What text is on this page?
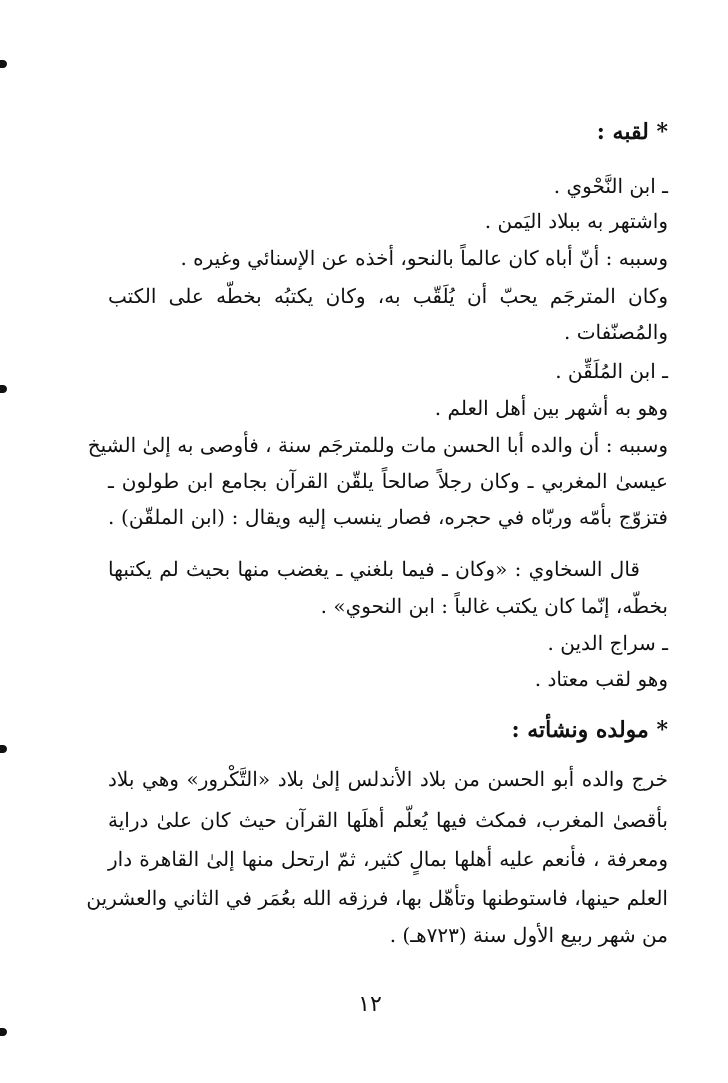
* لقبه :
ـ ابن النَّحْوي .
واشتهر به ببلاد اليَمن .
وسببه : أنّ أباه كان عالماً بالنحو، أخذه عن الإسنائي وغيره .
وكان المترجَم يحبّ أن يُلَقّب به، وكان يكتبُه بخطّه على الكتب
والمُصنّفات .
ـ ابن المُلَقِّن .
وهو به أشهر بين أهل العلم .
وسببه : أن والده أبا الحسن مات وللمترجَم سنة ، فأوصى به إلىٰ الشيخ
عيسىٰ المغربي ـ وكان رجلاً صالحاً يلقّن القرآن بجامع ابن طولون ـ
فتزوّج بأمّه وربّاه في حجره، فصار ينسب إليه ويقال : (ابن الملقّن) .
قال السخاوي : «وكان ـ فيما بلغني ـ يغضب منها بحيث لم يكتبها
بخطّه، إنّما كان يكتب غالباً : ابن النحوي» .
ـ سراج الدين .
وهو لقب معتاد .
* مولده ونشأته :
خرج والده أبو الحسن من بلاد الأندلس إلىٰ بلاد «التَّكْرور» وهي بلاد
بأقصىٰ المغرب، فمكث فيها يُعلّم أهلَها القرآن حيث كان علىٰ دراية
ومعرفة ، فأنعم عليه أهلها بمالٍ كثير، ثمّ ارتحل منها إلىٰ القاهرة دار
العلم حينها، فاستوطنها وتأهّل بها، فرزقه الله بعُمَر في الثاني والعشرين
من شهر ربيع الأول سنة (٧٢٣هـ) .
١٢
